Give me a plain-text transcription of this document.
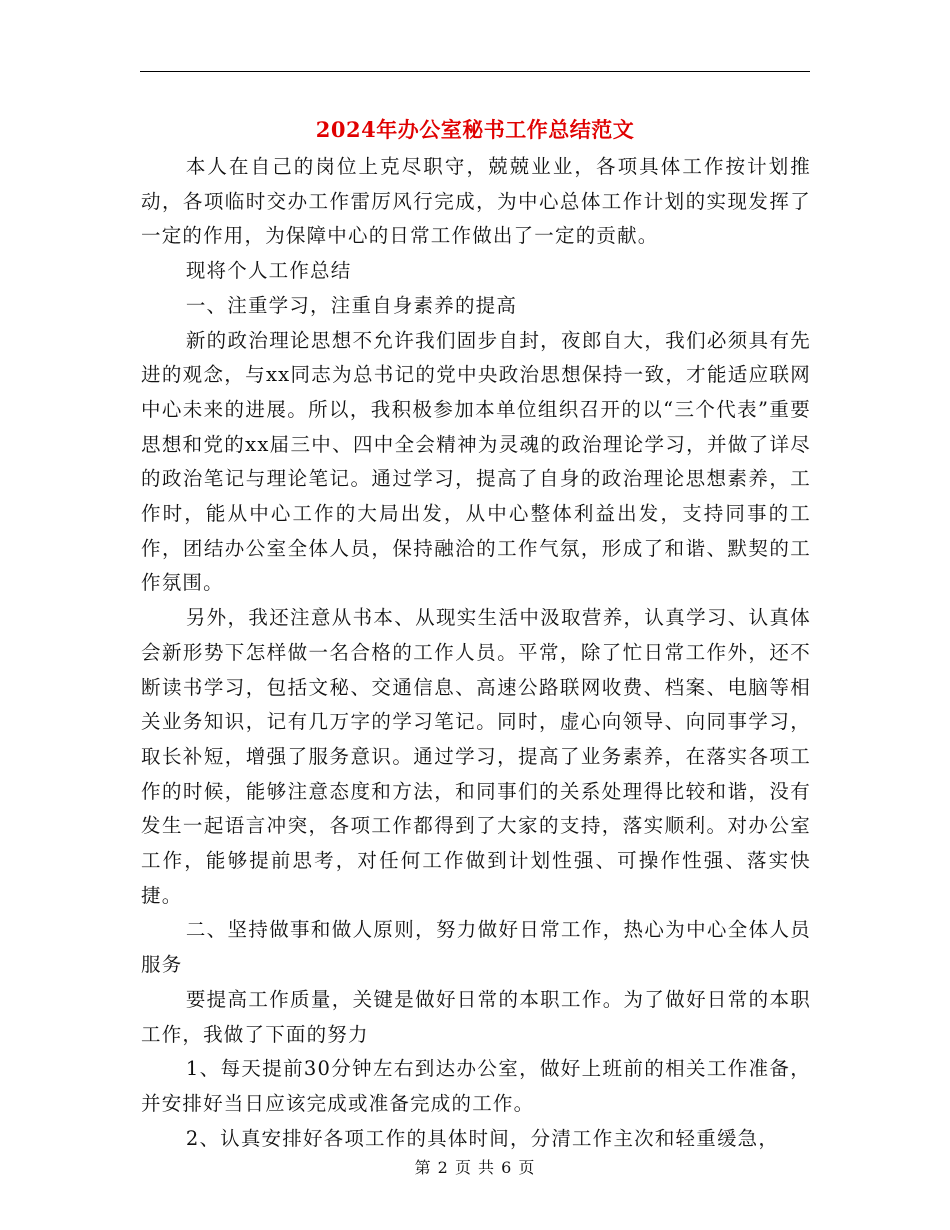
2024年办公室秘书工作总结范文

本人在自己的岗位上克尽职守，兢兢业业，各项具体工作按计划推动，各项临时交办工作雷厉风行完成，为中心总体工作计划的实现发挥了一定的作用，为保障中心的日常工作做出了一定的贡献。

现将个人工作总结

一、注重学习，注重自身素养的提高

新的政治理论思想不允许我们固步自封，夜郎自大，我们必须具有先进的观念，与xx同志为总书记的党中央政治思想保持一致，才能适应联网中心未来的进展。所以，我积极参加本单位组织召开的以“三个代表”重要思想和党的xx届三中、四中全会精神为灵魂的政治理论学习，并做了详尽的政治笔记与理论笔记。通过学习，提高了自身的政治理论思想素养，工作时，能从中心工作的大局出发，从中心整体利益出发，支持同事的工作，团结办公室全体人员，保持融洽的工作气氛，形成了和谐、默契的工作氛围。

另外，我还注意从书本、从现实生活中汲取营养，认真学习、认真体会新形势下怎样做一名合格的工作人员。平常，除了忙日常工作外，还不断读书学习，包括文秘、交通信息、高速公路联网收费、档案、电脑等相关业务知识，记有几万字的学习笔记。同时，虚心向领导、向同事学习，取长补短，增强了服务意识。通过学习，提高了业务素养，在落实各项工作的时候，能够注意态度和方法，和同事们的关系处理得比较和谐，没有发生一起语言冲突，各项工作都得到了大家的支持，落实顺利。对办公室工作，能够提前思考，对任何工作做到计划性强、可操作性强、落实快捷。

二、坚持做事和做人原则，努力做好日常工作，热心为中心全体人员服务

要提高工作质量，关键是做好日常的本职工作。为了做好日常的本职工作，我做了下面的努力

1、每天提前30分钟左右到达办公室，做好上班前的相关工作准备，并安排好当日应该完成或准备完成的工作。

2、认真安排好各项工作的具体时间，分清工作主次和轻重缓急，

第 2 页 共 6 页
